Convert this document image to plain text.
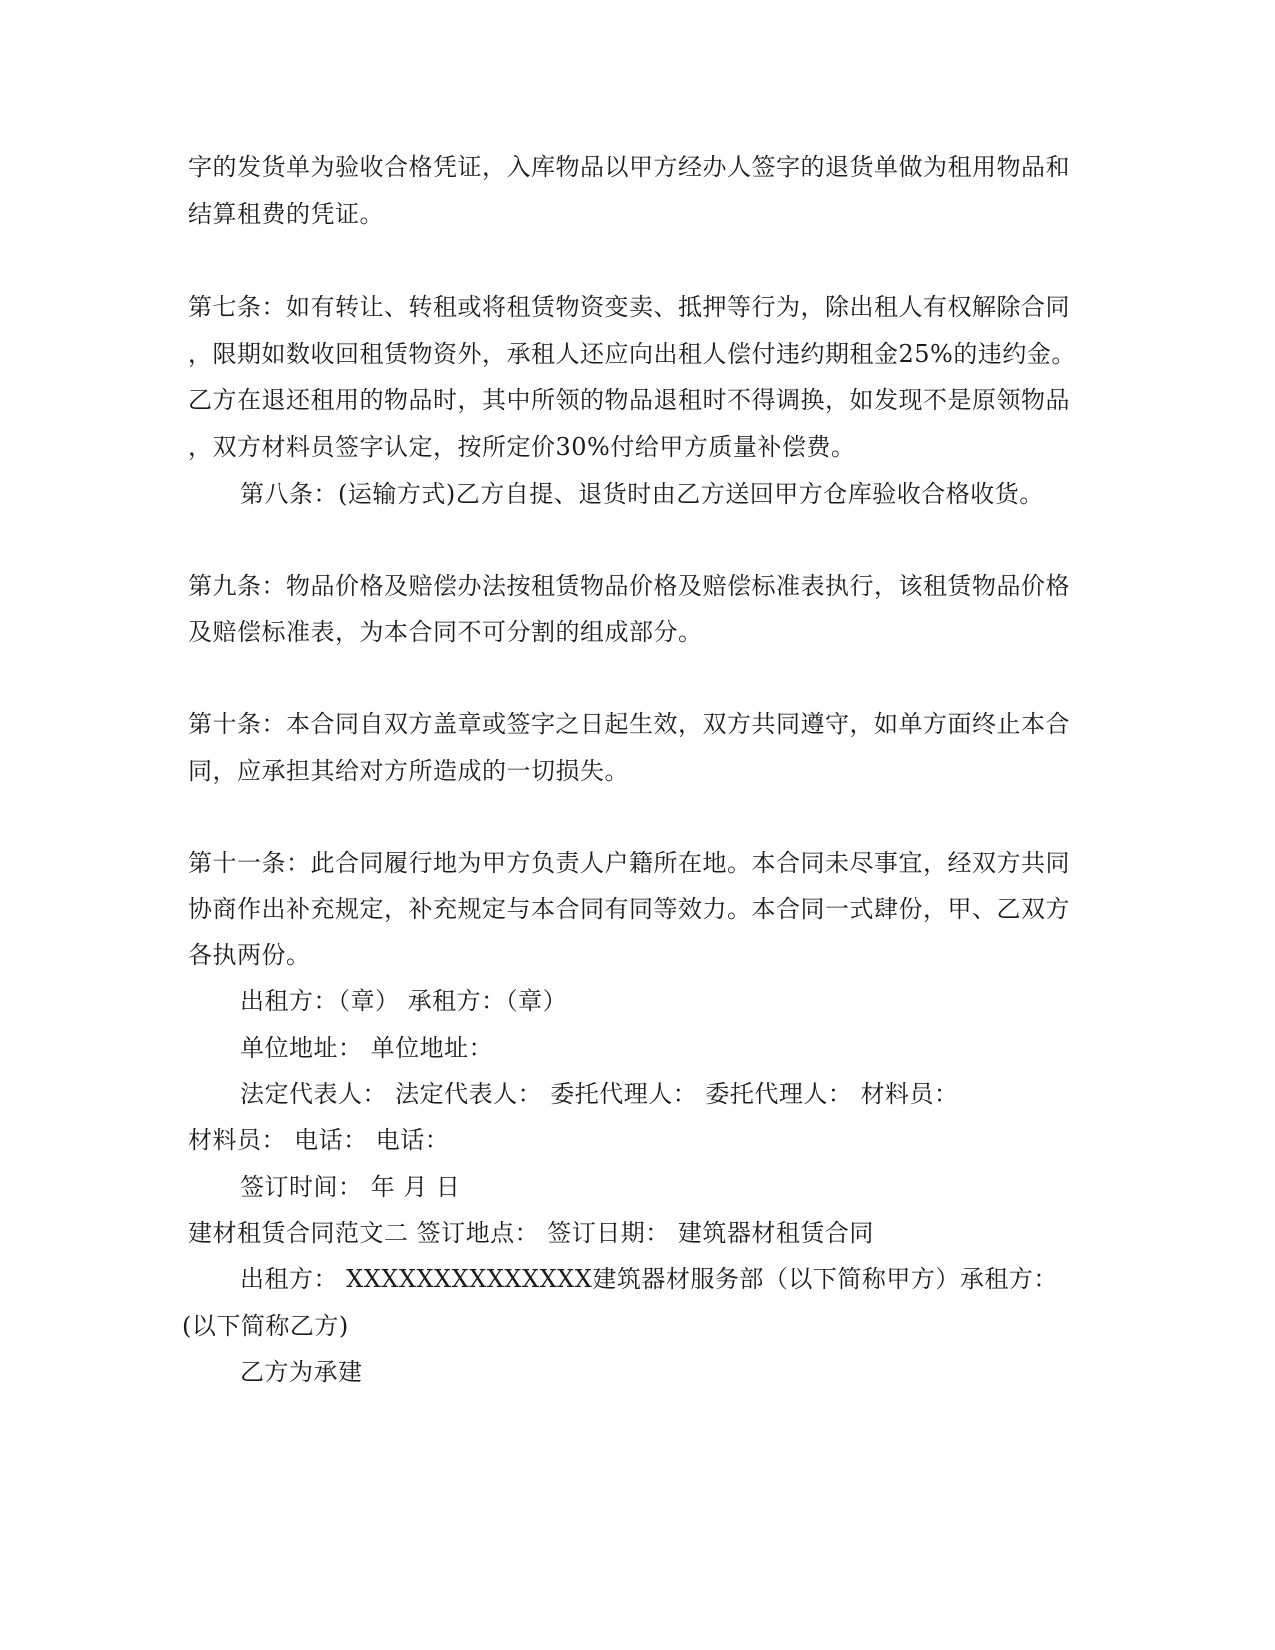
字的发货单为验收合格凭证，入库物品以甲方经办人签字的退货单做为租用物品和
结算租费的凭证。
第七条：如有转让、转租或将租赁物资变卖、抵押等行为，除出租人有权解除合同
，限期如数收回租赁物资外，承租人还应向出租人偿付违约期租金25%的违约金。
乙方在退还租用的物品时，其中所领的物品退租时不得调换，如发现不是原领物品
，双方材料员签字认定，按所定价30%付给甲方质量补偿费。
第八条：(运输方式)乙方自提、退货时由乙方送回甲方仓库验收合格收货。
第九条：物品价格及赔偿办法按租赁物品价格及赔偿标准表执行，该租赁物品价格
及赔偿标准表，为本合同不可分割的组成部分。
第十条：本合同自双方盖章或签字之日起生效，双方共同遵守，如单方面终止本合
同，应承担其给对方所造成的一切损失。
第十一条：此合同履行地为甲方负责人户籍所在地。本合同未尽事宜，经双方共同
协商作出补充规定，补充规定与本合同有同等效力。本合同一式肆份，甲、乙双方
各执两份。
出租方：（章） 承租方：（章）
单位地址： 单位地址：
法定代表人： 法定代表人： 委托代理人： 委托代理人： 材料员：
材料员： 电话： 电话：
签订时间： 年 月 日
建材租赁合同范文二 签订地点： 签订日期： 建筑器材租赁合同
出租方： XXXXXXXXXXXXXX建筑器材服务部（以下简称甲方）承租方：
(以下简称乙方)
乙方为承建
